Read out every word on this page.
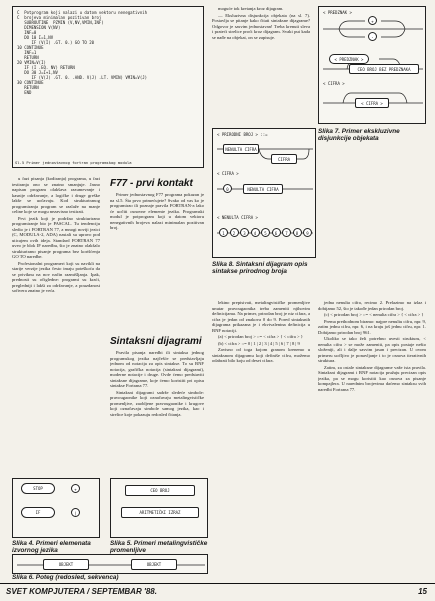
C  Potprogram koji nalazi u datom vektoru nenegativnih
C  brojeva minimalan pozitivan broj
SUBROUTINE  PZMIN (V,NV,VMIN,INF)
DIMENSION V(NV)
INF=0
DO 10 I=1,NV
IF (V(I) .GT. 0.) GO TO 20
10 CONTINUE
INF=1
RETURN
20 VMIN=V(I)
IF (I .EQ. NV) RETURN
DO 30 J=I+1,NV
IF (V(J) .GT. 0. .AND. V(J) .LT. VMIN) VMIN=V(J)
30 CONTINUE
RETURN
END
Sl.5 Primer jednostavnog fortran programskog modula

u fazi pisanja (kodiranja) programa, u fazi testiranja ono se znatno smanjuje. Jasno napisan program olakšava razumevanje i kasnije održavanje, a logičke i druge greške lakše se uočavaju. Kod strukturiranog programiranja program se razlaže na manje celine koje se mogu nezavisno testirati.

Prvi jezik koji je podržao strukturirano programiranje bio je PASCAL. Tu tendenciju sledio je i FORTRAN 77, a mnogi noviji jezici (C, MODULA-2, ADA) nastali su upravo pod uticajem ovih ideja. Standard FORTRAN 77 uveo je blok IF naredbu, što je znatno olakšalo strukturirano pisanje programa bez korišćenja GO TO naredbe.

Profesionalni programeri koji su navikli na starije verzije jezika često imaju poteškoća da se priviknu na nov način razmišljanja. Ipak, prednosti su očigledne: programi su kraći, pregledniji i lakši za održavanje, a pouzdanost softvera znatno je veća.

F77 - prvi kontakt

Primer jednostavnog F77 programa pokazan je na sl.5. Šta prvo primećujete? Svako od vas ko je programirao ili poznaje pravila FORTRAN-a lako će uočiti osnovne elemente jezika. Programski modul je potprogram koji u datom vektoru nenegativnih brojeva nalazi minimalan pozitivan broj.

Sintaksni dijagrami

Pravila pisanja naredbi ili sintaksa jednog programskog jezika najčešće se predstavljaju jednom od notacija za opis sintakse. To su BNF notacija, grafička notacija (sintaksni dijagrami), moderne notacije i druge. Ovde ćemo predstaviti sintaksne dijagrame, koje ćemo koristiti pri opisu sintakse Fortrana 77.

Sintaksni dijagrami sadrže sledeće simbole: pravougaonike koji označavaju metalingvističke promenljive, zaobljene pravougaonike i krugove koji označavaju simbole samog jezika, kao i strelice koje pokazuju redosled čitanja.

moguće tok kretanja kroz dijagram.

— Eksluzivna disjunkcija objekata (na sl. 7). Postavlja se pitanje kako čitati sintaksne dijagrame? Odgovor je sasvim jednostavan! Treba krenuti sleva i prateći strelice proći kroz dijagram. Svaki put kada se nađe na objekat, on se zapisuje.

lektno prepisivati, metalingvističke promenljive unutar pravougaonika treba zameniti njihovim definicijama. Na primer, prirodan broj je niz cifara, a cifra je jedan od znakova 0 do 9. Pored sintaksnih dijagrama prikazana je i ekvivalentna definicija u BNF notaciji.

(a) < prirodan broj > ::= < cifra > { < cifra > }

(b) < cifra > ::= 0 | 1 | 2 | 3 | 4 | 5 | 6 | 7 | 8 | 9

Zavisno od toga kojom granom krenemo u sintaksnom dijagramu koji definiše cifru, možemo odabrati bilo koju od deset cifara.

jedna nenulta cifra, recimo 2. Prelazimo na izlaz i dobijamo 52, što je takođe jedan prirodan broj.

(c) < prirodan broj > ::= < nenulta cifra > { < cifra > }

Prema prethodnom biramo: najpre nenultu cifru, npr. 9, zatim jednu cifru, npr. 6, i na kraju još jednu cifru, npr. 1. Dobijamo prirodan broj 961.

Ukoliko se tako želi potrebno uvesti strukturu, < nenulta cifra > se može zameniti, pa opis postaje nešto složeniji, ali i dalje sasvim jasan i precizan. U ovom primeru uočljivo je ponavljanje i to je osnova iterativnih struktura.

Zatim, za ostale sintaksne dijagrame važe ista pravila. Sintaksni dijagrami i BNF notacija pružaju precizan opis jezika, pa se mogu koristiti kao osnova za pisanje kompajlera. U narednim brojevima daćemo sintaksu svih naredbi Fortrana 77.

< PREDZNAK >
+
-
< PREDZNAK >
CEO BROJ BEZ PREDZNAKA
< CIFRA >
< CIFRA >
Slika 7. Primer ekskluzivne disjunkcije objekata
< PRIRODNI BROJ > ::=
NENULTA CIFRA
CIFRA
< CIFRA >
0	NENULTA CIFRA
< NENULTA CIFRA >
1	2	3	4	5	6	7	8	9
Slika 8. Sintaksni dijagram opis sintakse prirodnog broja
STOP	+
IF	(
Slika 4. Primeri elemenata izvornog jezika
CEO BROJ
ARITMETIČKI IZRAZ
Slika 5. Primeri metalingvističke promenljive
OBJEKT	OBJEKT
Slika 6. Poteg (redosled, sekvenca)
SVET KOMPJUTERA / SEPTEMBAR '88.	15
